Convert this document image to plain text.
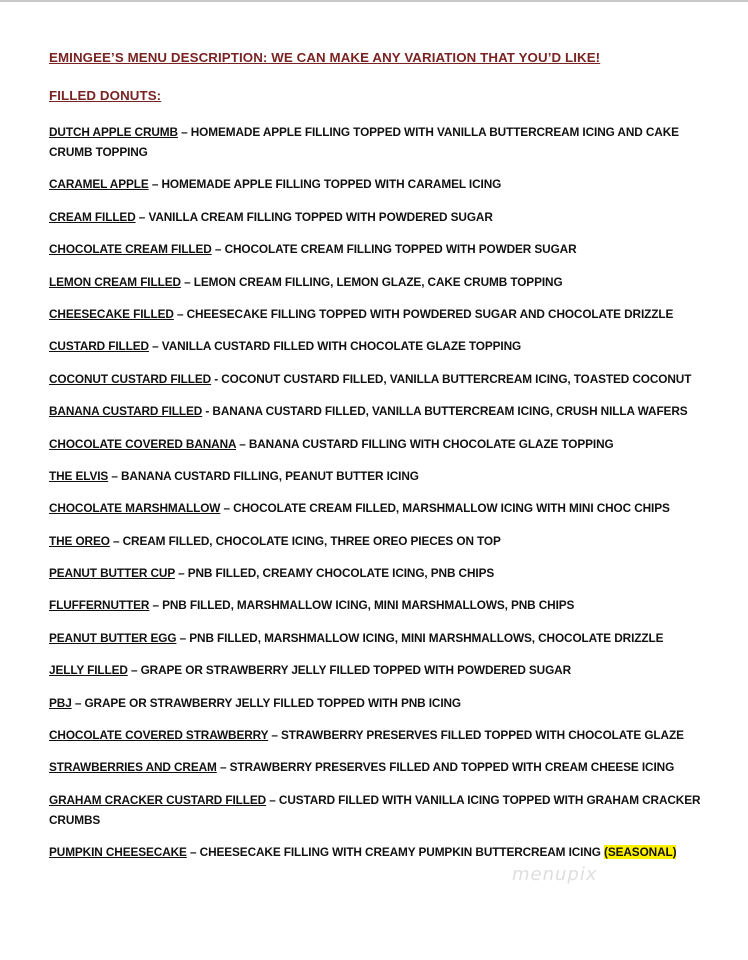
EMINGEE’S MENU DESCRIPTION: WE CAN MAKE ANY VARIATION THAT YOU’D LIKE!
FILLED DONUTS:
DUTCH APPLE CRUMB – HOMEMADE APPLE FILLING TOPPED WITH VANILLA BUTTERCREAM ICING AND CAKE CRUMB TOPPING
CARAMEL APPLE – HOMEMADE APPLE FILLING TOPPED WITH CARAMEL ICING
CREAM FILLED – VANILLA CREAM FILLING TOPPED WITH POWDERED SUGAR
CHOCOLATE CREAM FILLED – CHOCOLATE CREAM FILLING TOPPED WITH POWDER SUGAR
LEMON CREAM FILLED – LEMON CREAM FILLING, LEMON GLAZE, CAKE CRUMB TOPPING
CHEESECAKE FILLED – CHEESECAKE FILLING TOPPED WITH POWDERED SUGAR AND CHOCOLATE DRIZZLE
CUSTARD FILLED – VANILLA CUSTARD FILLED WITH CHOCOLATE GLAZE TOPPING
COCONUT CUSTARD FILLED - COCONUT CUSTARD FILLED, VANILLA BUTTERCREAM ICING, TOASTED COCONUT
BANANA CUSTARD FILLED - BANANA CUSTARD FILLED, VANILLA BUTTERCREAM ICING, CRUSH NILLA WAFERS
CHOCOLATE COVERED BANANA – BANANA CUSTARD FILLING WITH CHOCOLATE GLAZE TOPPING
THE ELVIS – BANANA CUSTARD FILLING, PEANUT BUTTER ICING
CHOCOLATE MARSHMALLOW – CHOCOLATE CREAM FILLED, MARSHMALLOW ICING WITH MINI CHOC CHIPS
THE OREO – CREAM FILLED, CHOCOLATE ICING, THREE OREO PIECES ON TOP
PEANUT BUTTER CUP – PNB FILLED, CREAMY CHOCOLATE ICING, PNB CHIPS
FLUFFERNUTTER – PNB FILLED, MARSHMALLOW ICING, MINI MARSHMALLOWS, PNB CHIPS
PEANUT BUTTER EGG – PNB FILLED, MARSHMALLOW ICING, MINI MARSHMALLOWS, CHOCOLATE DRIZZLE
JELLY FILLED – GRAPE OR STRAWBERRY JELLY FILLED TOPPED WITH POWDERED SUGAR
PBJ – GRAPE OR STRAWBERRY JELLY FILLED TOPPED WITH PNB ICING
CHOCOLATE COVERED STRAWBERRY – STRAWBERRY PRESERVES FILLED TOPPED WITH CHOCOLATE GLAZE
STRAWBERRIES AND CREAM – STRAWBERRY PRESERVES FILLED AND TOPPED WITH CREAM CHEESE ICING
GRAHAM CRACKER CUSTARD FILLED – CUSTARD FILLED WITH VANILLA ICING TOPPED WITH GRAHAM CRACKER CRUMBS
PUMPKIN CHEESECAKE – CHEESECAKE FILLING WITH CREAMY PUMPKIN BUTTERCREAM ICING (SEASONAL)
menupix
